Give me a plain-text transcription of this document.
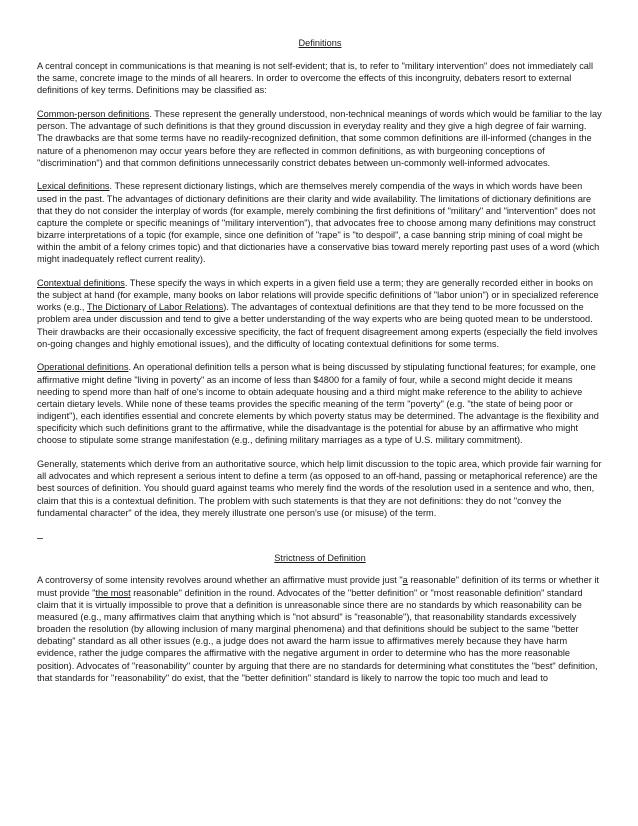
Definitions

A central concept in communications is that meaning is not self-evident; that is, to refer to "military intervention" does not immediately call the same, concrete image to the minds of all hearers. In order to overcome the effects of this incongruity, debaters resort to external definitions of key terms. Definitions may be classified as:

Common-person definitions. These represent the generally understood, non-technical meanings of words which would be familiar to the lay person. The advantage of such definitions is that they ground discussion in everyday reality and they give a high degree of fair warning. The drawbacks are that some terms have no readily-recognized definition, that some common definitions are ill-informed (changes in the nature of a phenomenon may occur years before they are reflected in common definitions, as with burgeoning conceptions of "discrimination") and that common definitions unnecessarily constrict debates between un-commonly well-informed advocates.

Lexical definitions. These represent dictionary listings, which are themselves merely compendia of the ways in which words have been used in the past. The advantages of dictionary definitions are their clarity and wide availability. The limitations of dictionary definitions are that they do not consider the interplay of words (for example, merely combining the first definitions of "military" and "intervention" does not capture the complete or specific meanings of "military intervention"), that advocates free to choose among many definitions may construct bizarre interpretations of a topic (for example, since one definition of "rape" is "to despoil", a case banning strip mining of coal might be within the ambit of a felony crimes topic) and that dictionaries have a conservative bias toward merely reporting past uses of a word (which might inadequately reflect current reality).

Contextual definitions. These specify the ways in which experts in a given field use a term; they are generally recorded either in books on the subject at hand (for example, many books on labor relations will provide specific definitions of "labor union") or in specialized reference works (e.g., The Dictionary of Labor Relations). The advantages of contextual definitions are that they tend to be more focussed on the problem area under discussion and tend to give a better understanding of the way experts who are being quoted mean to be understood. Their drawbacks are their occasionally excessive specificity, the fact of frequent disagreement among experts (especially the field involves on-going changes and highly emotional issues), and the difficulty of locating contextual definitions for some terms.

Operational definitions. An operational definition tells a person what is being discussed by stipulating functional features; for example, one affirmative might define "living in poverty" as an income of less than $4800 for a family of four, while a second might decide it means needing to spend more than half of one's income to obtain adequate housing and a third might make reference to the ability to achieve certain dietary levels. While none of these teams provides the specific meaning of the term "poverty" (e.g. "the state of being poor or indigent"), each identifies essential and concrete elements by which poverty status may be determined. The advantage is the flexibility and specificity which such definitions grant to the affirmative, while the disadvantage is the potential for abuse by an affirmative who might choose to stipulate some strange manifestation (e.g., defining military marriages as a type of U.S. military commitment).

Generally, statements which derive from an authoritative source, which help limit discussion to the topic area, which provide fair warning for all advocates and which represent a serious intent to define a term (as opposed to an off-hand, passing or metaphorical reference) are the best sources of definition. You should guard against teams who merely find the words of the resolution used in a sentence and who, then, claim that this is a contextual definition. The problem with such statements is that they are not definitions: they do not "convey the fundamental character" of the idea, they merely illustrate one person's use (or misuse) of the term.

Strictness of Definition

A controversy of some intensity revolves around whether an affirmative must provide just "a reasonable" definition of its terms or whether it must provide "the most reasonable" definition in the round. Advocates of the "better definition" or "most reasonable definition" standard claim that it is virtually impossible to prove that a definition is unreasonable since there are no standards by which reasonability can be measured (e.g., many affirmatives claim that anything which is "not absurd" is "reasonable"), that reasonability standards excessively broaden the resolution (by allowing inclusion of many marginal phenomena) and that definitions should be subject to the same "better debating" standard as all other issues (e.g., a judge does not award the harm issue to affirmatives merely because they have harm evidence, rather the judge compares the affirmative with the negative argument in order to determine who has the more reasonable position). Advocates of "reasonability" counter by arguing that there are no standards for determining what constitutes the "best" definition, that standards for "reasonability" do exist, that the "better definition" standard is likely to narrow the topic too much and lead to
